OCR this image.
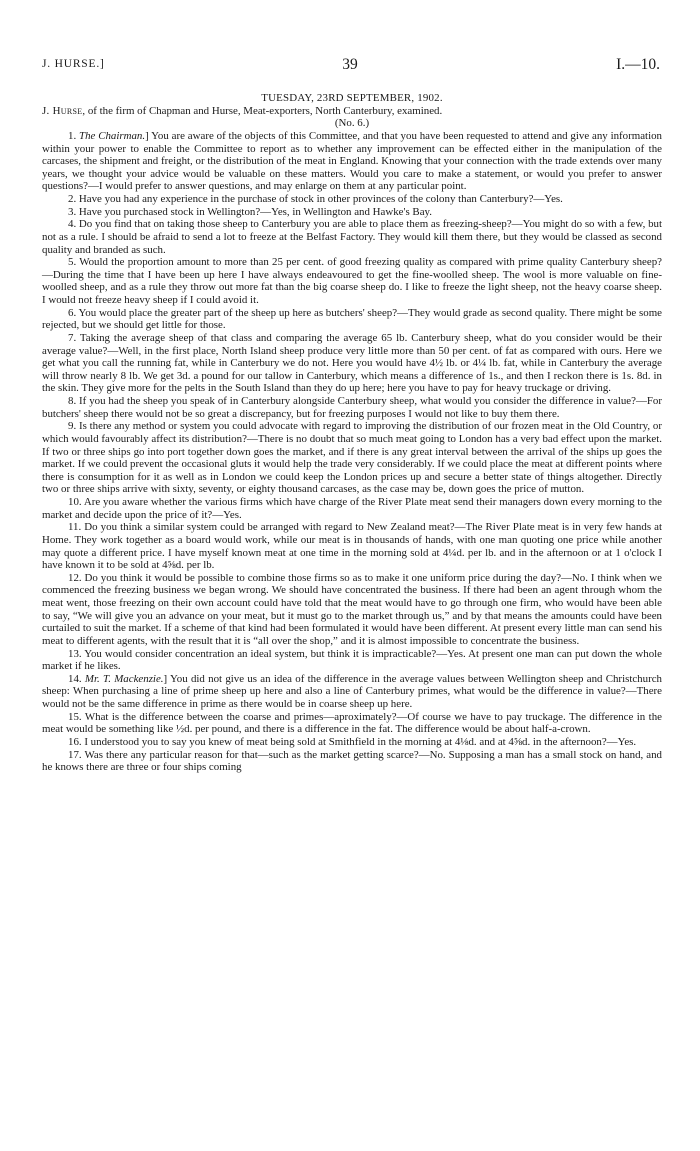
J. HURSE.]	39	I.—10.

TUESDAY, 23RD SEPTEMBER, 1902.

J. Hurse, of the firm of Chapman and Hurse, Meat-exporters, North Canterbury, examined.

(No. 6.)

1. The Chairman.] You are aware of the objects of this Committee, and that you have been requested to attend and give any information within your power to enable the Committee to report as to whether any improvement can be effected either in the manipulation of the carcases, the shipment and freight, or the distribution of the meat in England. Knowing that your connection with the trade extends over many years, we thought your advice would be valuable on these matters. Would you care to make a statement, or would you prefer to answer questions?—I would prefer to answer questions, and may enlarge on them at any particular point.

2. Have you had any experience in the purchase of stock in other provinces of the colony than Canterbury?—Yes.

3. Have you purchased stock in Wellington?—Yes, in Wellington and Hawke's Bay.

4. Do you find that on taking those sheep to Canterbury you are able to place them as freezing-sheep?—You might do so with a few, but not as a rule. I should be afraid to send a lot to freeze at the Belfast Factory. They would kill them there, but they would be classed as second quality and branded as such.

5. Would the proportion amount to more than 25 per cent. of good freezing quality as compared with prime quality Canterbury sheep?—During the time that I have been up here I have always endeavoured to get the fine-woolled sheep. The wool is more valuable on fine-woolled sheep, and as a rule they throw out more fat than the big coarse sheep do. I like to freeze the light sheep, not the heavy coarse sheep. I would not freeze heavy sheep if I could avoid it.

6. You would place the greater part of the sheep up here as butchers' sheep?—They would grade as second quality. There might be some rejected, but we should get little for those.

7. Taking the average sheep of that class and comparing the average 65 lb. Canterbury sheep, what do you consider would be their average value?—Well, in the first place, North Island sheep produce very little more than 50 per cent. of fat as compared with ours. Here we get what you call the running fat, while in Canterbury we do not. Here you would have 4½ lb. or 4¼ lb. fat, while in Canterbury the average will throw nearly 8 lb. We get 3d. a pound for our tallow in Canterbury, which means a difference of 1s., and then I reckon there is 1s. 8d. in the skin. They give more for the pelts in the South Island than they do up here; here you have to pay for heavy truckage or driving.

8. If you had the sheep you speak of in Canterbury alongside Canterbury sheep, what would you consider the difference in value?—For butchers' sheep there would not be so great a discrepancy, but for freezing purposes I would not like to buy them there.

9. Is there any method or system you could advocate with regard to improving the distribution of our frozen meat in the Old Country, or which would favourably affect its distribution?—There is no doubt that so much meat going to London has a very bad effect upon the market. If two or three ships go into port together down goes the market, and if there is any great interval between the arrival of the ships up goes the market. If we could prevent the occasional gluts it would help the trade very considerably. If we could place the meat at different points where there is consumption for it as well as in London we could keep the London prices up and secure a better state of things altogether. Directly two or three ships arrive with sixty, seventy, or eighty thousand carcases, as the case may be, down goes the price of mutton.

10. Are you aware whether the various firms which have charge of the River Plate meat send their managers down every morning to the market and decide upon the price of it?—Yes.

11. Do you think a similar system could be arranged with regard to New Zealand meat?—The River Plate meat is in very few hands at Home. They work together as a board would work, while our meat is in thousands of hands, with one man quoting one price while another may quote a different price. I have myself known meat at one time in the morning sold at 4¼d. per lb. and in the afternoon or at 1 o'clock I have known it to be sold at 4⅝d. per lb.

12. Do you think it would be possible to combine those firms so as to make it one uniform price during the day?—No. I think when we commenced the freezing business we began wrong. We should have concentrated the business. If there had been an agent through whom the meat went, those freezing on their own account could have told that the meat would have to go through one firm, who would have been able to say, “We will give you an advance on your meat, but it must go to the market through us,” and by that means the amounts could have been curtailed to suit the market. If a scheme of that kind had been formulated it would have been different. At present every little man can send his meat to different agents, with the result that it is “all over the shop,” and it is almost impossible to concentrate the business.

13. You would consider concentration an ideal system, but think it is impracticable?—Yes. At present one man can put down the whole market if he likes.

14. Mr. T. Mackenzie.] You did not give us an idea of the difference in the average values between Wellington sheep and Christchurch sheep: When purchasing a line of prime sheep up here and also a line of Canterbury primes, what would be the difference in value?—There would not be the same difference in prime as there would be in coarse sheep up here.

15. What is the difference between the coarse and primes—aproximately?—Of course we have to pay truckage. The difference in the meat would be something like ½d. per pound, and there is a difference in the fat. The difference would be about half-a-crown.

16. I understood you to say you knew of meat being sold at Smithfield in the morning at 4⅛d. and at 4⅝d. in the afternoon?—Yes.

17. Was there any particular reason for that—such as the market getting scarce?—No. Supposing a man has a small stock on hand, and he knows there are three or four ships coming
